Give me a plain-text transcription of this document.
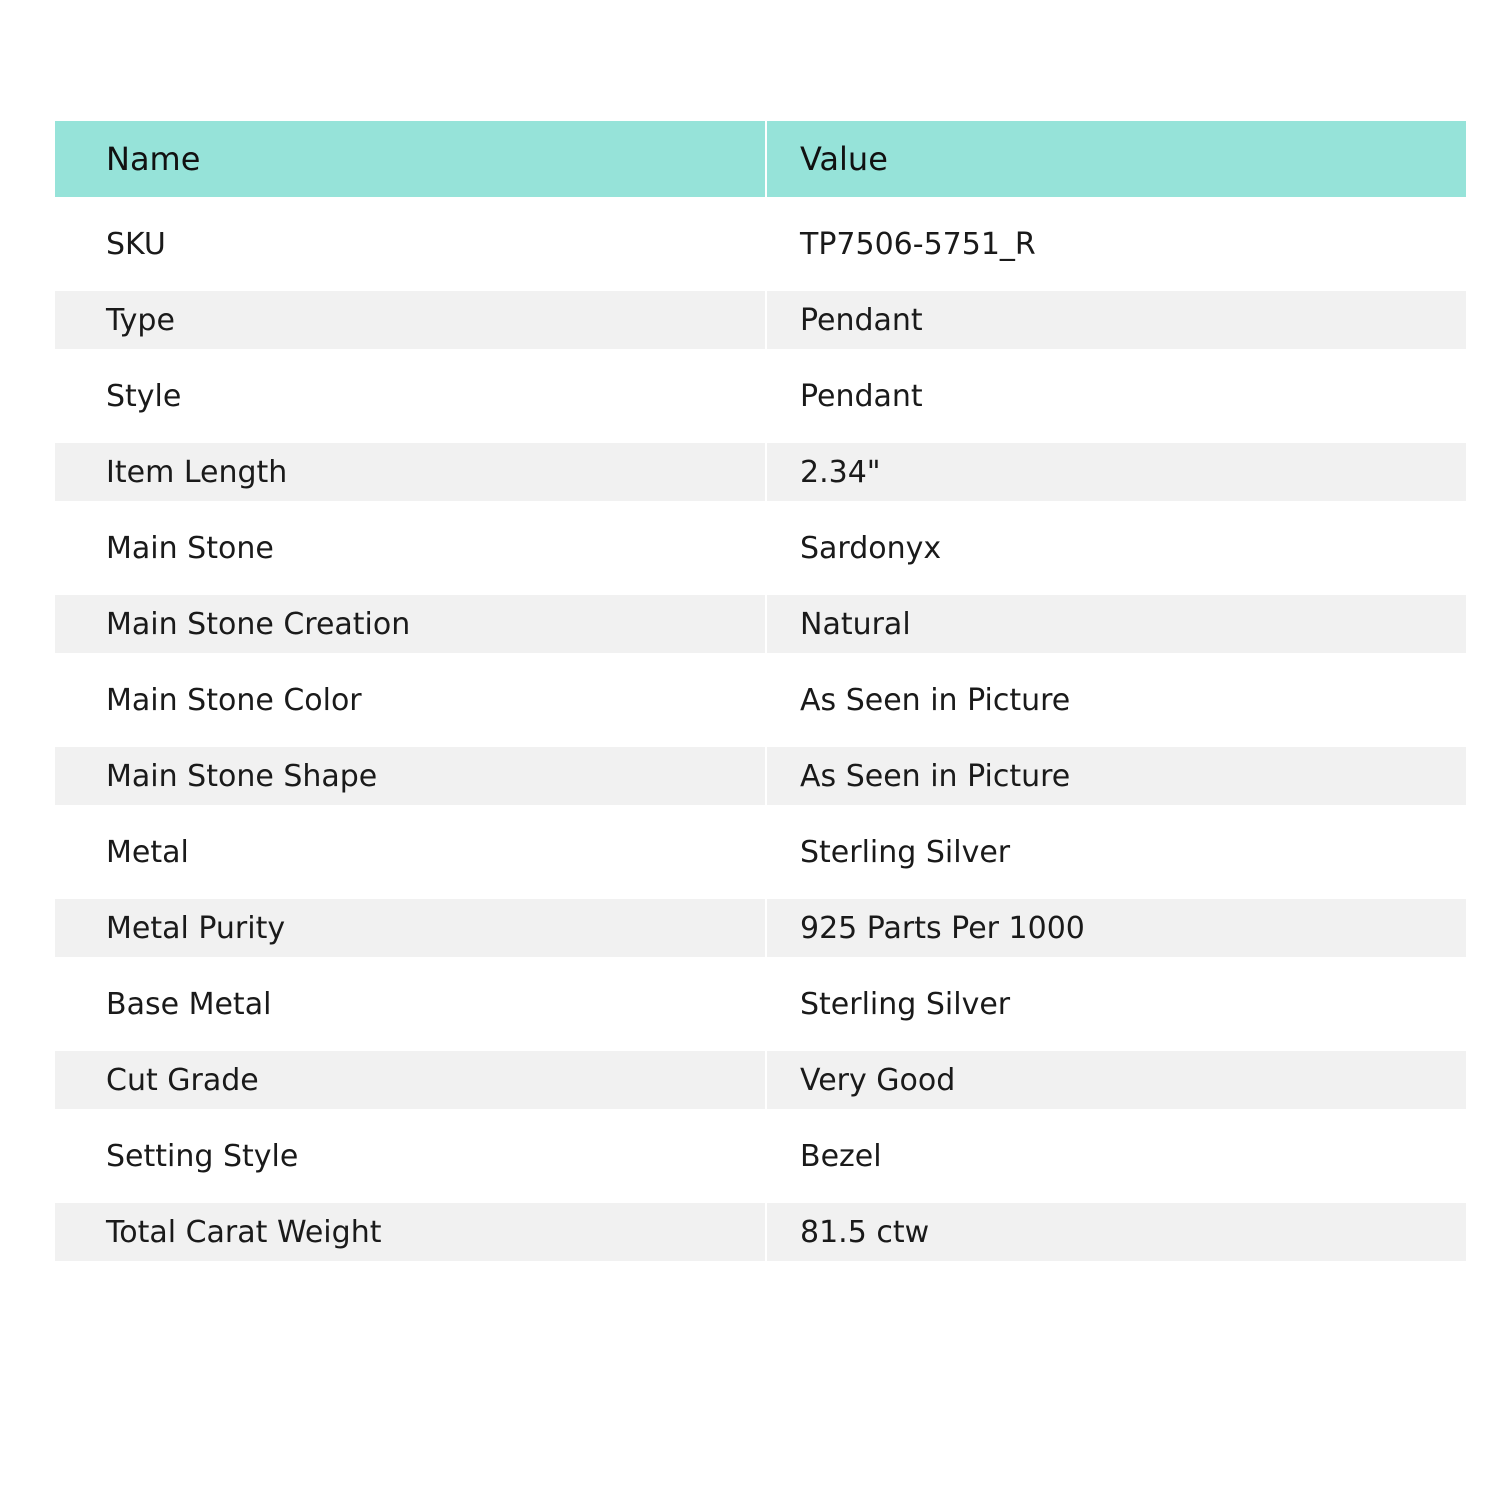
Name	Value
SKU	TP7506-5751_R
Type	Pendant
Style	Pendant
Item Length	2.34"
Main Stone	Sardonyx
Main Stone Creation	Natural
Main Stone Color	As Seen in Picture
Main Stone Shape	As Seen in Picture
Metal	Sterling Silver
Metal Purity	925 Parts Per 1000
Base Metal	Sterling Silver
Cut Grade	Very Good
Setting Style	Bezel
Total Carat Weight	81.5 ctw
